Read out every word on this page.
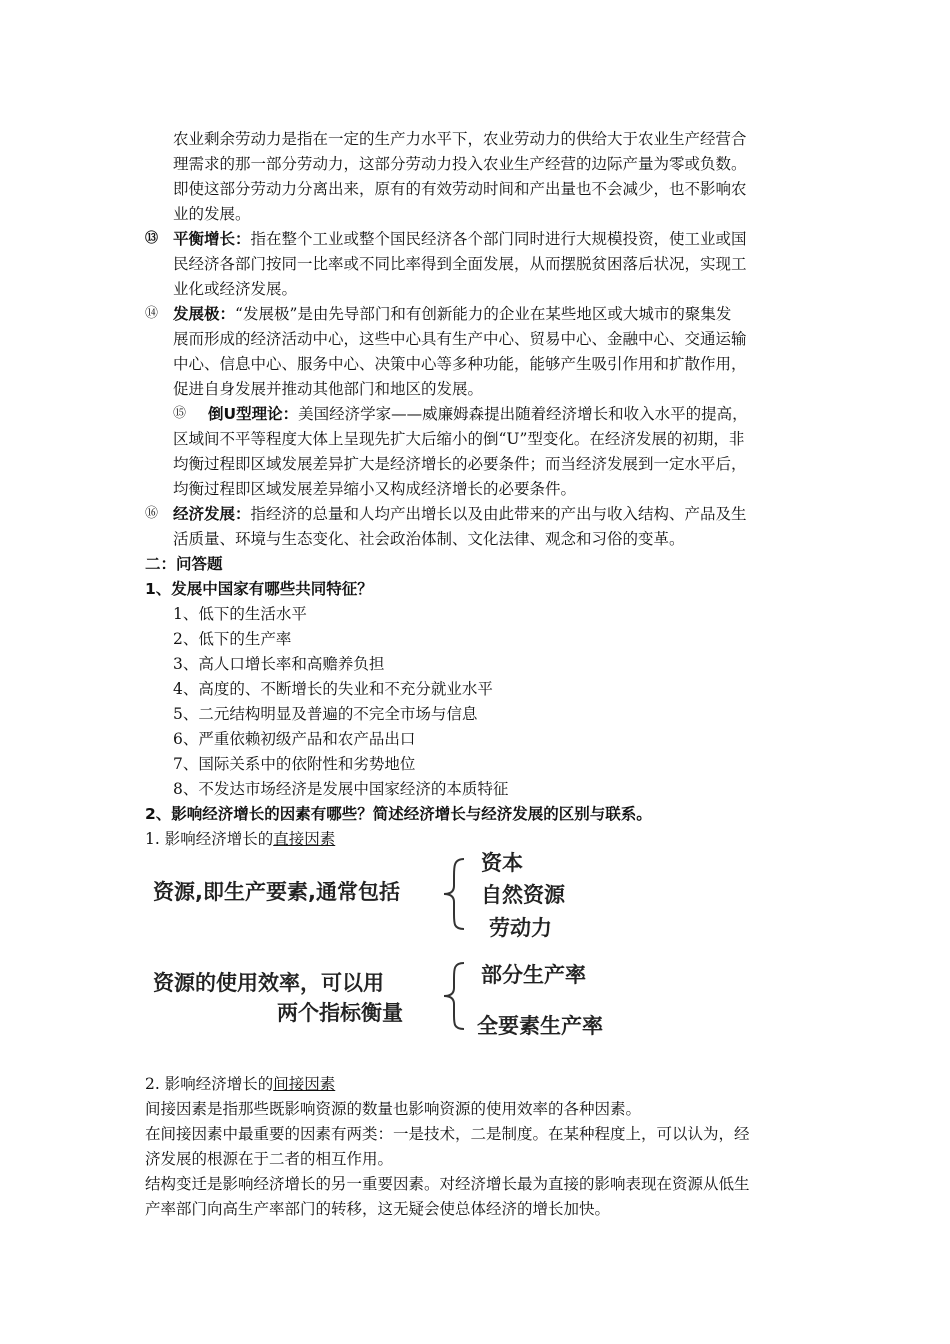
农业剩余劳动力是指在一定的生产力水平下，农业劳动力的供给大于农业生产经营合
理需求的那一部分劳动力，这部分劳动力投入农业生产经营的边际产量为零或负数。
即使这部分劳动力分离出来，原有的有效劳动时间和产出量也不会减少，也不影响农
业的发展。
⑬ 平衡增长：指在整个工业或整个国民经济各个部门同时进行大规模投资，使工业或国
民经济各部门按同一比率或不同比率得到全面发展，从而摆脱贫困落后状况，实现工
业化或经济发展。
⑭ 发展极：“发展极”是由先导部门和有创新能力的企业在某些地区或大城市的聚集发
展而形成的经济活动中心，这些中心具有生产中心、贸易中心、金融中心、交通运输
中心、信息中心、服务中心、决策中心等多种功能，能够产生吸引作用和扩散作用，
促进自身发展并推动其他部门和地区的发展。
⑮ 倒U型理论：美国经济学家——威廉姆森提出随着经济增长和收入水平的提高，
区域间不平等程度大体上呈现先扩大后缩小的倒“U”型变化。在经济发展的初期，非
均衡过程即区域发展差异扩大是经济增长的必要条件；而当经济发展到一定水平后，
均衡过程即区域发展差异缩小又构成经济增长的必要条件。
⑯ 经济发展：指经济的总量和人均产出增长以及由此带来的产出与收入结构、产品及生
活质量、环境与生态变化、社会政治体制、文化法律、观念和习俗的变革。
二：问答题
1、发展中国家有哪些共同特征？
1、低下的生活水平
2、低下的生产率
3、高人口增长率和高赡养负担
4、高度的、不断增长的失业和不充分就业水平
5、二元结构明显及普遍的不完全市场与信息
6、严重依赖初级产品和农产品出口
7、国际关系中的依附性和劣势地位
8、不发达市场经济是发展中国家经济的本质特征
2、影响经济增长的因素有哪些？简述经济增长与经济发展的区别与联系。
1. 影响经济增长的直接因素
资源,即生产要素,通常包括
资本
自然资源
劳动力
资源的使用效率，可以用
两个指标衡量
部分生产率
全要素生产率
2. 影响经济增长的间接因素
间接因素是指那些既影响资源的数量也影响资源的使用效率的各种因素。
在间接因素中最重要的因素有两类：一是技术，二是制度。在某种程度上，可以认为，经
济发展的根源在于二者的相互作用。
结构变迁是影响经济增长的另一重要因素。对经济增长最为直接的影响表现在资源从低生
产率部门向高生产率部门的转移，这无疑会使总体经济的增长加快。
